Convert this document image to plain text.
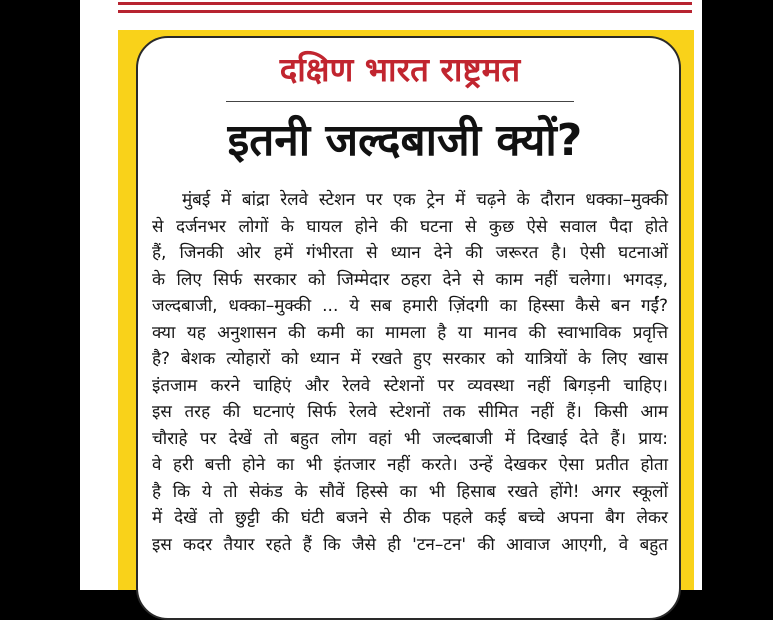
दक्षिण भारत राष्ट्रमत
इतनी जल्दबाजी क्यों?
मुंबई में बांद्रा रेलवे स्टेशन पर एक ट्रेन में चढ़ने के दौरान धक्का–मुक्की
से दर्जनभर लोगों के घायल होने की घटना से कुछ ऐसे सवाल पैदा होते
हैं, जिनकी ओर हमें गंभीरता से ध्यान देने की जरूरत है। ऐसी घटनाओं
के लिए सिर्फ सरकार को जिम्मेदार ठहरा देने से काम नहीं चलेगा। भगदड़,
जल्दबाजी, धक्का–मुक्की ... ये सब हमारी ज़िंदगी का हिस्सा कैसे बन गईं?
क्या यह अनुशासन की कमी का मामला है या मानव की स्वाभाविक प्रवृत्ति
है? बेशक त्योहारों को ध्यान में रखते हुए सरकार को यात्रियों के लिए खास
इंतजाम करने चाहिएं और रेलवे स्टेशनों पर व्यवस्था नहीं बिगड़नी चाहिए।
इस तरह की घटनाएं सिर्फ रेलवे स्टेशनों तक सीमित नहीं हैं। किसी आम
चौराहे पर देखें तो बहुत लोग वहां भी जल्दबाजी में दिखाई देते हैं। प्राय:
वे हरी बत्ती होने का भी इंतजार नहीं करते। उन्हें देखकर ऐसा प्रतीत होता
है कि ये तो सेकंड के सौवें हिस्से का भी हिसाब रखते होंगे! अगर स्कूलों
में देखें तो छुट्टी की घंटी बजने से ठीक पहले कई बच्चे अपना बैग लेकर
इस कदर तैयार रहते हैं कि जैसे ही 'टन–टन' की आवाज आएगी, वे बहुत
